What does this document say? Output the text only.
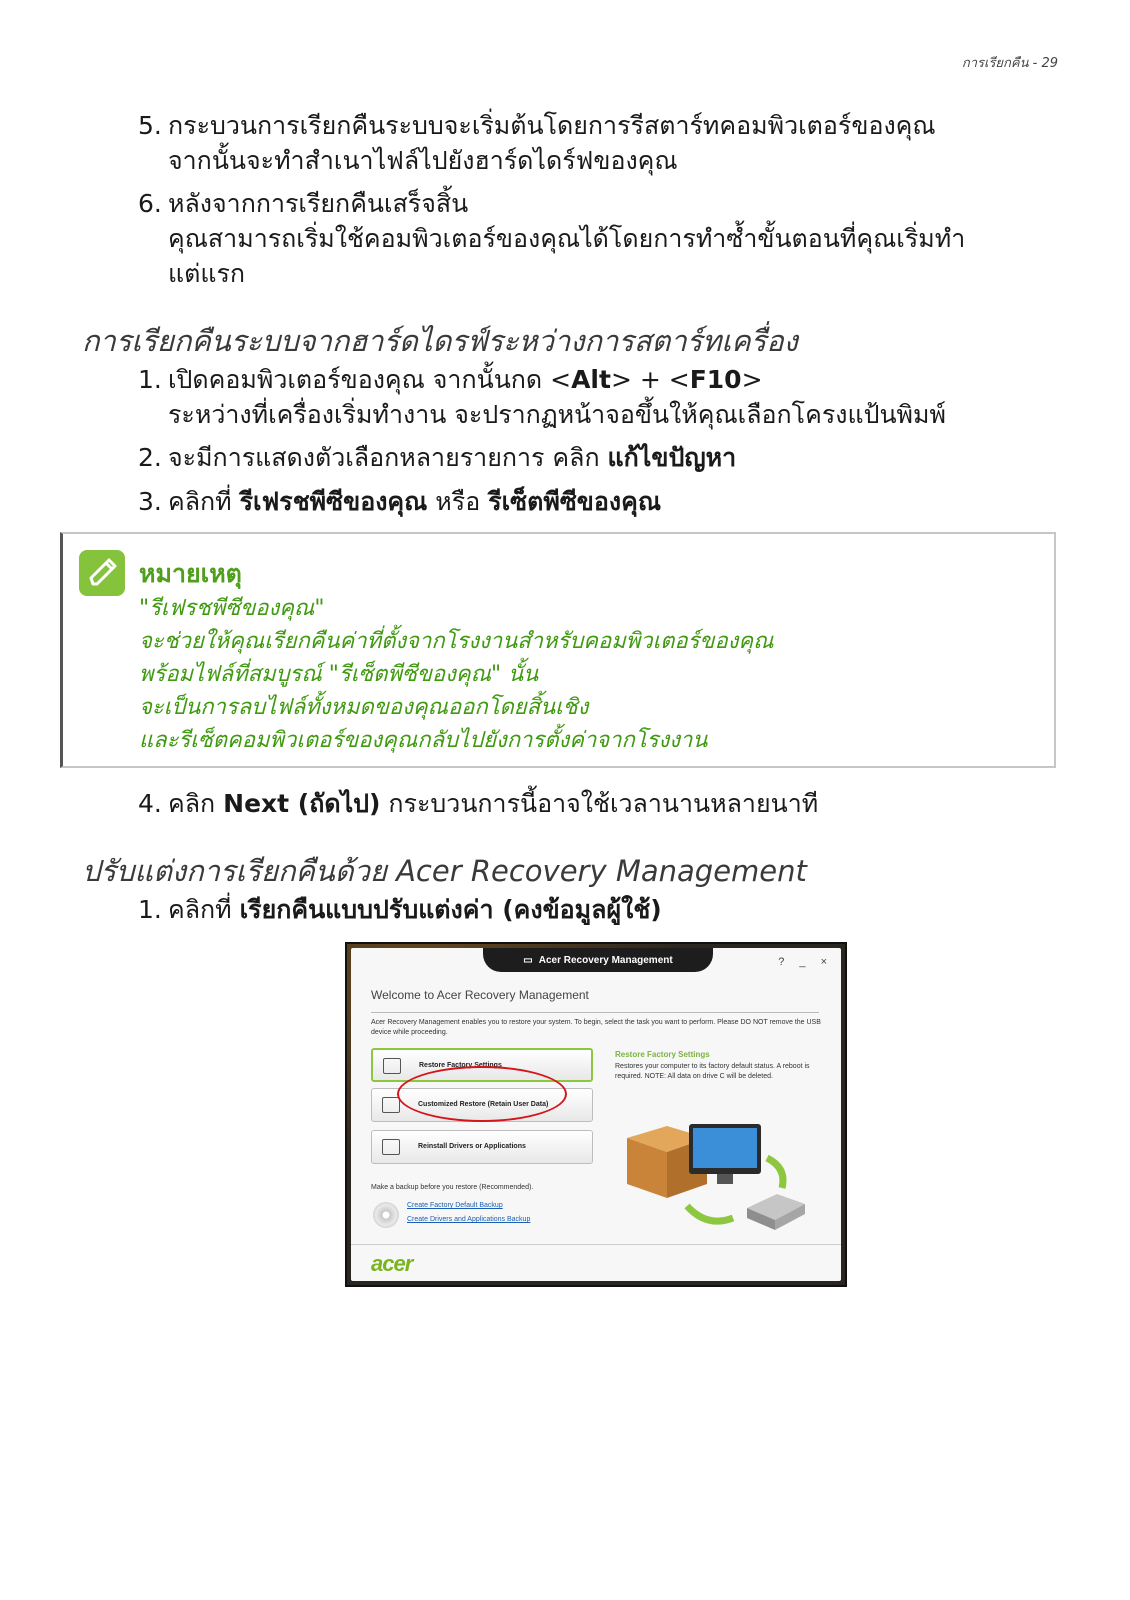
การเรียกคืน - 29
5. กระบวนการเรียกคืนระบบจะเริ่มต้นโดยการรีสตาร์ทคอมพิวเตอร์ของคุณ
จากนั้นจะทำสำเนาไฟล์ไปยังฮาร์ดไดร์ฟของคุณ
6. หลังจากการเรียกคืนเสร็จสิ้น
คุณสามารถเริ่มใช้คอมพิวเตอร์ของคุณได้โดยการทำซ้ำขั้นตอนที่คุณเริ่มทำ
แต่แรก
การเรียกคืนระบบจากฮาร์ดไดรฟ์ระหว่างการสตาร์ทเครื่อง
1. เปิดคอมพิวเตอร์ของคุณ จากนั้นกด <Alt> + <F10>
ระหว่างที่เครื่องเริ่มทำงาน จะปรากฏหน้าจอขึ้นให้คุณเลือกโครงแป้นพิมพ์
2. จะมีการแสดงตัวเลือกหลายรายการ คลิก แก้ไขปัญหา
3. คลิกที่ รีเฟรชพีซีของคุณ หรือ รีเซ็ตพีซีของคุณ
หมายเหตุ
"รีเฟรชพีซีของคุณ"
จะช่วยให้คุณเรียกคืนค่าที่ตั้งจากโรงงานสำหรับคอมพิวเตอร์ของคุณ
พร้อมไฟล์ที่สมบูรณ์ "รีเซ็ตพีซีของคุณ" นั้น
จะเป็นการลบไฟล์ทั้งหมดของคุณออกโดยสิ้นเชิง
และรีเซ็ตคอมพิวเตอร์ของคุณกลับไปยังการตั้งค่าจากโรงงาน
4. คลิก Next (ถัดไป) กระบวนการนี้อาจใช้เวลานานหลายนาที
ปรับแต่งการเรียกคืนด้วย Acer Recovery Management
1. คลิกที่ เรียกคืนแบบปรับแต่งค่า (คงข้อมูลผู้ใช้)
▭ Acer Recovery Management	? _ ×
Welcome to Acer Recovery Management
Acer Recovery Management enables you to restore your system. To begin, select the task you want to perform. Please DO NOT remove the USB device while proceeding.
Restore Factory Settings
Customized Restore (Retain User Data)
Reinstall Drivers or Applications
Restore Factory Settings
Restores your computer to its factory default status. A reboot is required. NOTE: All data on drive C will be deleted.
Make a backup before you restore (Recommended).
Create Factory Default Backup
Create Drivers and Applications Backup
acer
